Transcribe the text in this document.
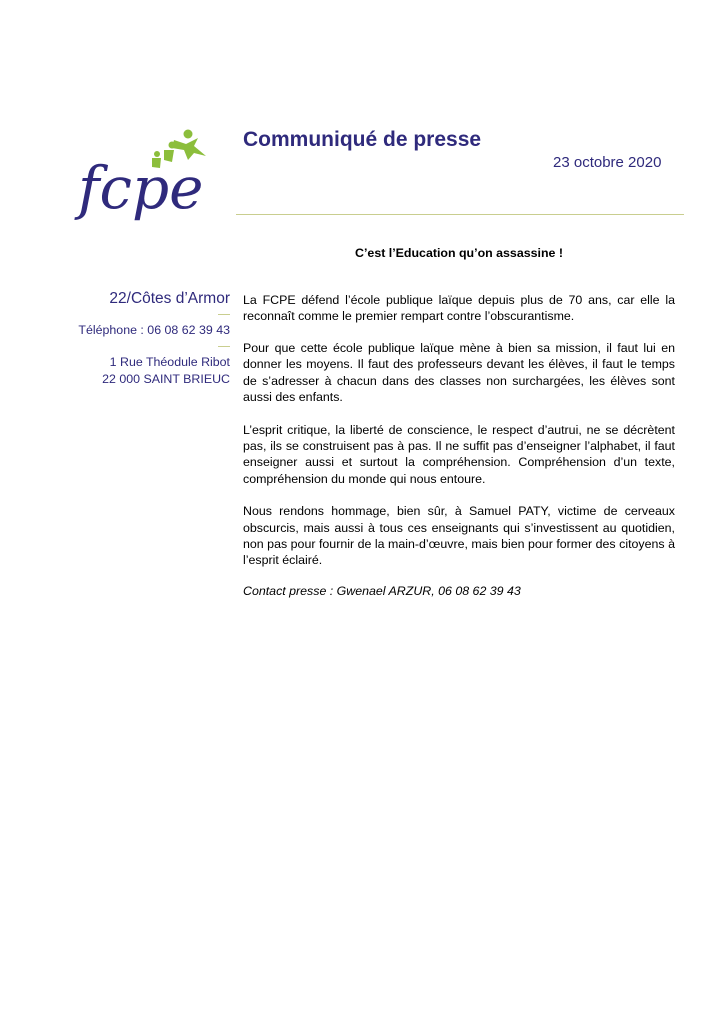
fcpe
Communiqué de presse
23 octobre 2020
C’est l’Education qu’on assassine !
22/Côtes d’Armor
Téléphone : 06 08 62 39 43
1 Rue Théodule Ribot
22 000 SAINT BRIEUC

La FCPE défend l’école publique laïque depuis plus de 70 ans, car elle la reconnaît comme le premier rempart contre l’obscurantisme.

Pour que cette école publique laïque mène à bien sa mission, il faut lui en donner les moyens. Il faut des professeurs devant les élèves, il faut le temps de s’adresser à chacun dans des classes non surchargées, les élèves sont aussi des enfants.

L’esprit critique, la liberté de conscience, le respect d’autrui, ne se décrètent pas, ils se construisent pas à pas. Il ne suffit pas d’enseigner l’alphabet, il faut enseigner aussi et surtout la compréhension. Compréhension d’un texte, compréhension du monde qui nous entoure.

Nous rendons hommage, bien sûr, à Samuel PATY, victime de cerveaux obscurcis, mais aussi à tous ces enseignants qui s’investissent au quotidien, non pas pour fournir de la main-d’œuvre, mais bien pour former des citoyens à l’esprit éclairé.

Contact presse : Gwenael ARZUR, 06 08 62 39 43
